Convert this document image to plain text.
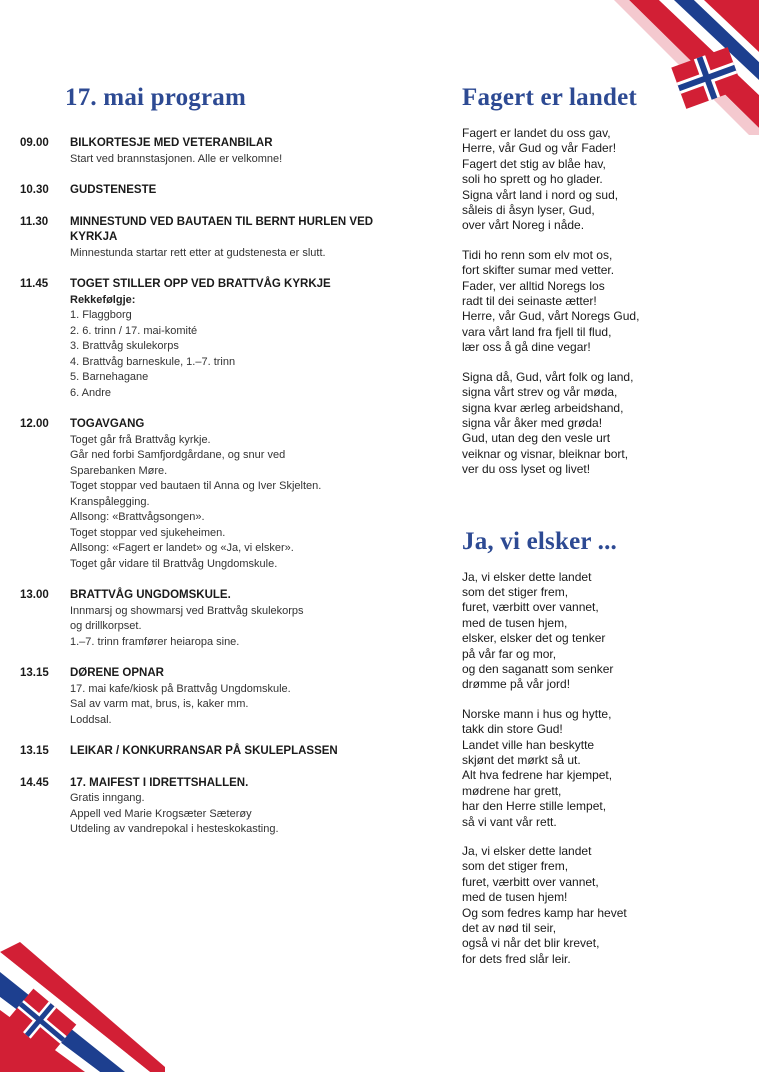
17. mai program
09.00	BILKORTESJE MED VETERANBILAR
Start ved brannstasjonen. Alle er velkomne!
10.30	GUDSTENESTE
11.30	MINNESTUND VED BAUTAEN TIL BERNT HURLEN VED KYRKJA
Minnestunda startar rett etter at gudstenesta er slutt.
11.45	TOGET STILLER OPP VED BRATTVÅG KYRKJE
Rekkefølgje:
1. Flaggborg
2. 6. trinn / 17. mai-komité
3. Brattvåg skulekorps
4. Brattvåg barneskule, 1.–7. trinn
5. Barnehagane
6. Andre
12.00	TOGAVGANG
Toget går frå Brattvåg kyrkje.
Går ned forbi Samfjordgårdane, og snur ved
Sparebanken Møre.
Toget stoppar ved bautaen til Anna og Iver Skjelten.
Kranspålegging.
Allsong: «Brattvågsongen».
Toget stoppar ved sjukeheimen.
Allsong: «Fagert er landet» og «Ja, vi elsker».
Toget går vidare til Brattvåg Ungdomskule.
13.00	BRATTVÅG UNGDOMSKULE.
Innmarsj og showmarsj ved Brattvåg skulekorps
og drillkorpset.
1.–7. trinn framfører heiaropa sine.
13.15	DØRENE OPNAR
17. mai kafe/kiosk på Brattvåg Ungdomskule.
Sal av varm mat, brus, is, kaker mm.
Loddsal.
13.15	LEIKAR / KONKURRANSAR PÅ SKULEPLASSEN
14.45	17. MAIFEST I IDRETTSHALLEN.
Gratis inngang.
Appell ved Marie Krogsæter Sæterøy
Utdeling av vandrepokal i hesteskokasting.
Fagert er landet
Fagert er landet du oss gav,
Herre, vår Gud og vår Fader!
Fagert det stig av blåe hav,
soli ho sprett og ho glader.
Signa vårt land i nord og sud,
såleis di åsyn lyser, Gud,
over vårt Noreg i nåde.
Tidi ho renn som elv mot os,
fort skifter sumar med vetter.
Fader, ver alltid Noregs los
radt til dei seinaste ætter!
Herre, vår Gud, vårt Noregs Gud,
vara vårt land fra fjell til flud,
lær oss å gå dine vegar!
Signa då, Gud, vårt folk og land,
signa vårt strev og vår møda,
signa kvar ærleg arbeidshand,
signa vår åker med grøda!
Gud, utan deg den vesle urt
veiknar og visnar, bleiknar bort,
ver du oss lyset og livet!
Ja, vi elsker ...
Ja, vi elsker dette landet
som det stiger frem,
furet, værbitt over vannet,
med de tusen hjem,
elsker, elsker det og tenker
på vår far og mor,
og den saganatt som senker
drømme på vår jord!
Norske mann i hus og hytte,
takk din store Gud!
Landet ville han beskytte
skjønt det mørkt så ut.
Alt hva fedrene har kjempet,
mødrene har grett,
har den Herre stille lempet,
så vi vant vår rett.
Ja, vi elsker dette landet
som det stiger frem,
furet, værbitt over vannet,
med de tusen hjem!
Og som fedres kamp har hevet
det av nød til seir,
også vi når det blir krevet,
for dets fred slår leir.
